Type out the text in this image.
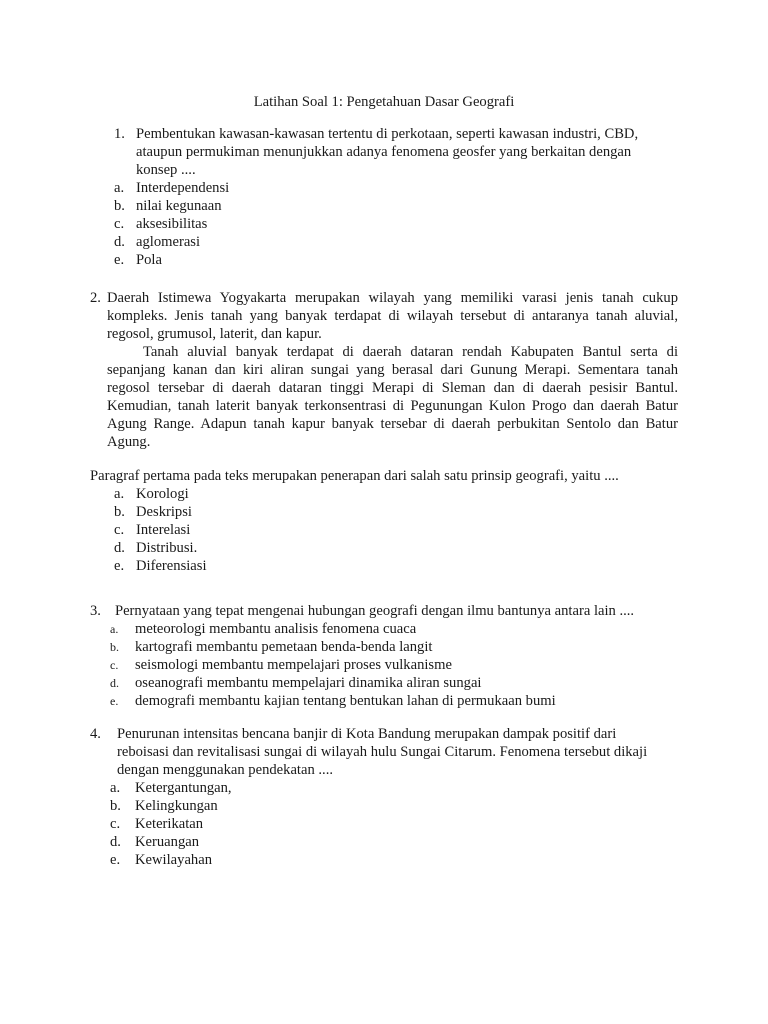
Latihan Soal 1: Pengetahuan Dasar Geografi
1. Pembentukan kawasan-kawasan tertentu di perkotaan, seperti kawasan industri, CBD, ataupun permukiman menunjukkan adanya fenomena geosfer yang berkaitan dengan konsep ....
a. Interdependensi
b. nilai kegunaan
c. aksesibilitas
d. aglomerasi
e. Pola
2. Daerah Istimewa Yogyakarta merupakan wilayah yang memiliki varasi jenis tanah cukup kompleks. Jenis tanah yang banyak terdapat di wilayah tersebut di antaranya tanah aluvial, regosol, grumusol, laterit, dan kapur.
Tanah aluvial banyak terdapat di daerah dataran rendah Kabupaten Bantul serta di sepanjang kanan dan kiri aliran sungai yang berasal dari Gunung Merapi. Sementara tanah regosol tersebar di daerah dataran tinggi Merapi di Sleman dan di daerah pesisir Bantul. Kemudian, tanah laterit banyak terkonsentrasi di Pegunungan Kulon Progo dan daerah Batur Agung Range. Adapun tanah kapur banyak tersebar di daerah perbukitan Sentolo dan Batur Agung.
Paragraf pertama pada teks merupakan penerapan dari salah satu prinsip geografi, yaitu ....
a. Korologi
b. Deskripsi
c. Interelasi
d. Distribusi.
e. Diferensiasi
3. Pernyataan yang tepat mengenai hubungan geografi dengan ilmu bantunya antara lain ....
a. meteorologi membantu analisis fenomena cuaca
b. kartografi membantu pemetaan benda-benda langit
c. seismologi membantu mempelajari proses vulkanisme
d. oseanografi membantu mempelajari dinamika aliran sungai
e. demografi membantu kajian tentang bentukan lahan di permukaan bumi
4. Penurunan intensitas bencana banjir di Kota Bandung merupakan dampak positif dari reboisasi dan revitalisasi sungai di wilayah hulu Sungai Citarum. Fenomena tersebut dikaji dengan menggunakan pendekatan ....
a. Ketergantungan,
b. Kelingkungan
c. Keterikatan
d. Keruangan
e. Kewilayahan
